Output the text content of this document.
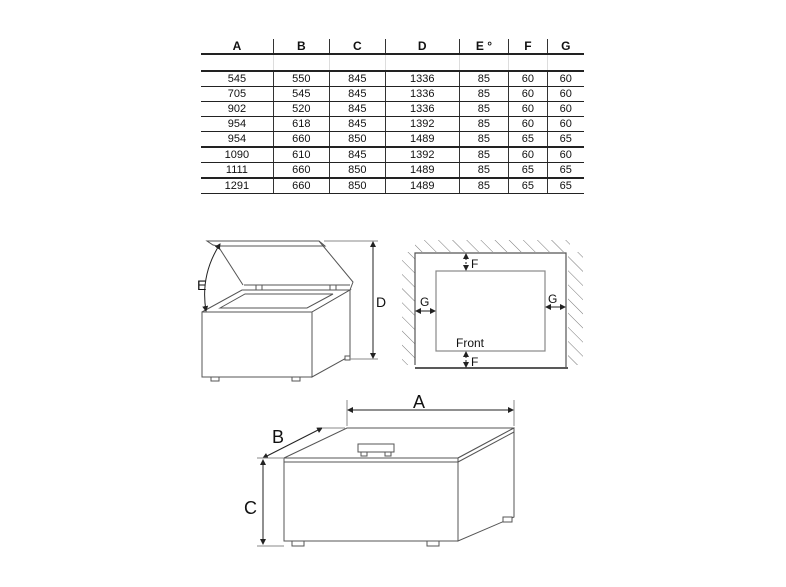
A	B	C	D	E °	F	G

545	550	845	1336	85	60	60
705	545	845	1336	85	60	60
902	520	845	1336	85	60	60
954	618	845	1392	85	60	60
954	660	850	1489	85	65	65
1090	610	845	1392	85	60	60
1111	660	850	1489	85	65	65
1291	660	850	1489	85	65	65
E
D
F
F
G	G
Front
A
B
C
